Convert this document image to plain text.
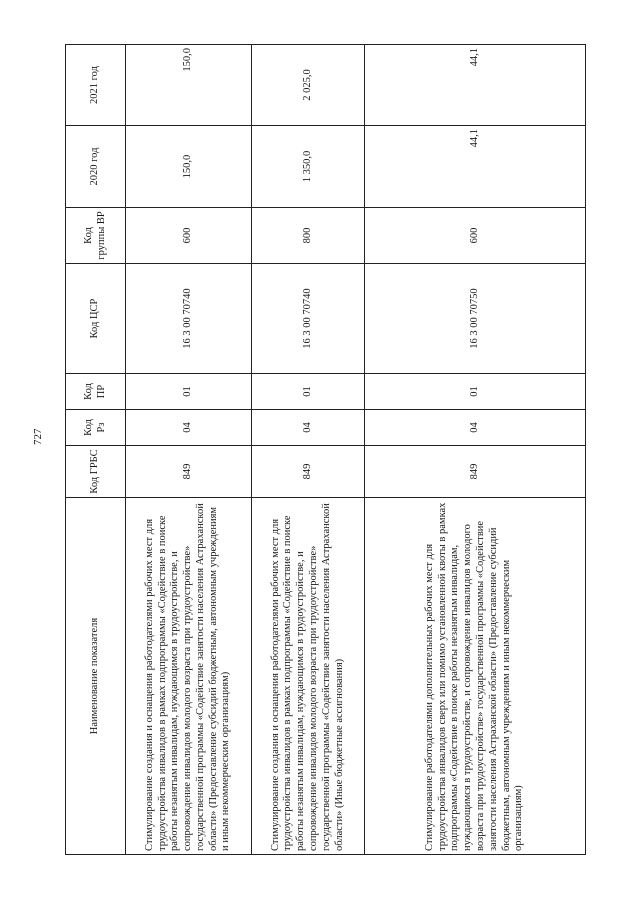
727
Наименование показателя	Код ГРБС	Код Рз	Код ПР	Код ЦСР	Код группы ВР	2020 год	2021 год
Стимулирование создания и оснащения работодателями рабочих мест для трудоустройства инвалидов в рамках подпрограммы «Содействие в поиске работы незанятым инвалидам, нуждающимся в трудоустройстве, и сопровождение инвалидов молодого возраста при трудоустройстве» государственной программы «Содействие занятости населения Астраханской области» (Предоставление субсидий бюджетным, автономным учреждениям и иным некоммерческим организациям)	849	04	01	16 3 00 70740	600	150,0	150,0
Стимулирование создания и оснащения работодателями рабочих мест для трудоустройства инвалидов в рамках подпрограммы «Содействие в поиске работы незанятым инвалидам, нуждающимся в трудоустройстве, и сопровождение инвалидов молодого возраста при трудоустройстве» государственной программы «Содействие занятости населения Астраханской области» (Иные бюджетные ассигнования)	849	04	01	16 3 00 70740	800	1 350,0	2 025,0
Стимулирование работодателями дополнительных рабочих мест для трудоустройства инвалидов сверх или помимо установленной квоты в рамках подпрограммы «Содействие в поиске работы незанятым инвалидам, нуждающимся в трудоустройстве, и сопровождение инвалидов молодого возраста при трудоустройстве» государственной программы «Содействие занятости населения Астраханской области» (Предоставление субсидий бюджетным, автономным учреждениям и иным некоммерческим организациям)	849	04	01	16 3 00 70750	600	44,1	44,1
